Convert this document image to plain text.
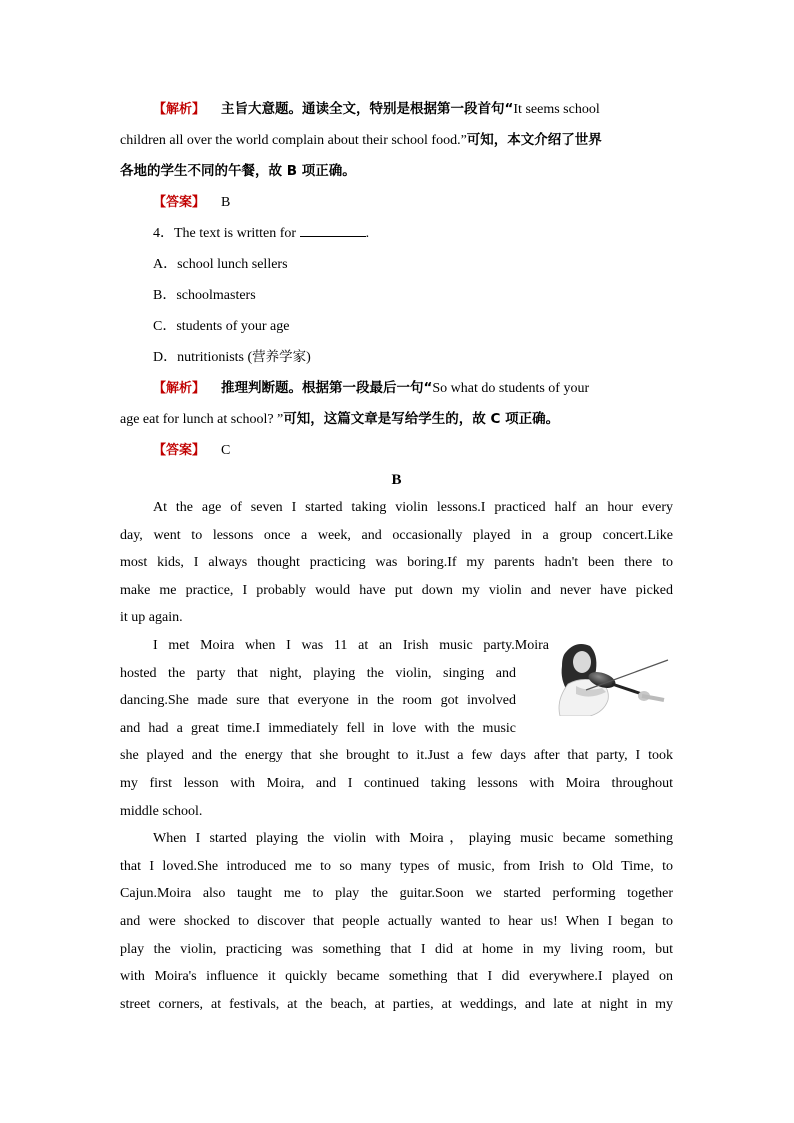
【解析】 主旨大意题。通读全文，特别是根据第一段首句“It seems school
children all over the world complain about their school food.”可知，本文介绍了世界
各地的学生不同的午餐，故 B 项正确。
【答案】 B
4．The text is written for	.
A．school lunch sellers
B．schoolmasters
C．students of your age
D．nutritionists (营养学家)
【解析】 推理判断题。根据第一段最后一句“So what do students of your
age eat for lunch at school? ”可知，这篇文章是写给学生的，故 C 项正确。
【答案】 C
B
At the age of seven I started taking violin lessons.I practiced half an hour every
day, went to lessons once a week, and occasionally played in a group concert.Like
most kids, I always thought practicing was boring.If my parents hadn't been there to
make me practice, I probably would have put down my violin and never have picked
it up again.
I met Moira when I was 11 at an Irish music party.Moira
hosted the party that night, playing the violin, singing and
dancing.She made sure that everyone in the room got involved
and had a great time.I immediately fell in love with the music
she played and the energy that she brought to it.Just a few days after that party, I took
my first lesson with Moira, and I continued taking lessons with Moira throughout
middle school.
When I started playing the violin with Moira，playing music became something
that I loved.She introduced me to so many types of music, from Irish to Old Time, to
Cajun.Moira also taught me to play the guitar.Soon we started performing together
and were shocked to discover that people actually wanted to hear us! When I began to
play the violin, practicing was something that I did at home in my living room, but
with Moira's influence it quickly became something that I did everywhere.I played on
street corners, at festivals, at the beach, at parties, at weddings, and late at night in my
